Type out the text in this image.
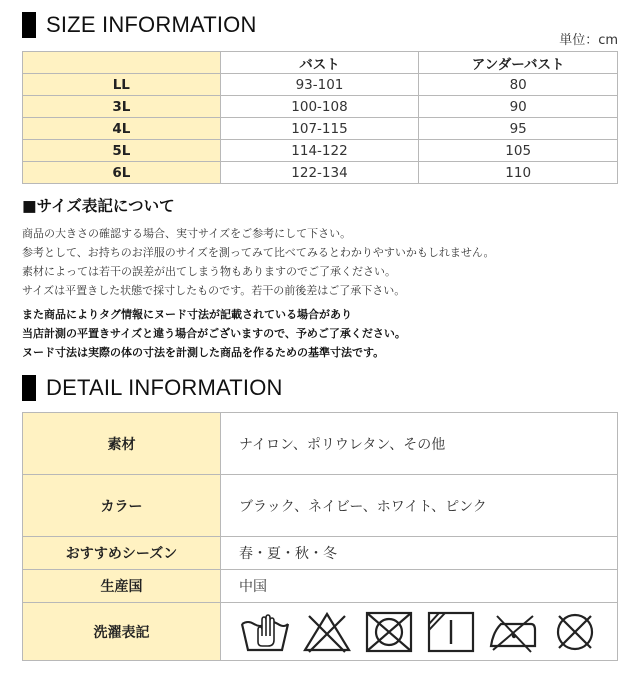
SIZE INFORMATION
単位：cm
	バスト	アンダーバスト
LL	93-101	80
3L	100-108	90
4L	107-115	95
5L	114-122	105
6L	122-134	110
■サイズ表記について
商品の大きさの確認する場合、実寸サイズをご参考にして下さい。
参考として、お持ちのお洋服のサイズを測ってみて比べてみるとわかりやすいかもしれません。
素材によっては若干の誤差が出てしまう物もありますのでご了承ください。
サイズは平置きした状態で採寸したものです。若干の前後差はご了承下さい。
また商品によりタグ情報にヌード寸法が記載されている場合があり
当店計測の平置きサイズと違う場合がございますので、予めご了承ください。
ヌード寸法は実際の体の寸法を計測した商品を作るための基準寸法です。
DETAIL INFORMATION
素材	ナイロン、ポリウレタン、その他
カラー	ブラック、ネイビー、ホワイト、ピンク
おすすめシーズン	春・夏・秋・冬
生産国	中国
洗濯表記	
